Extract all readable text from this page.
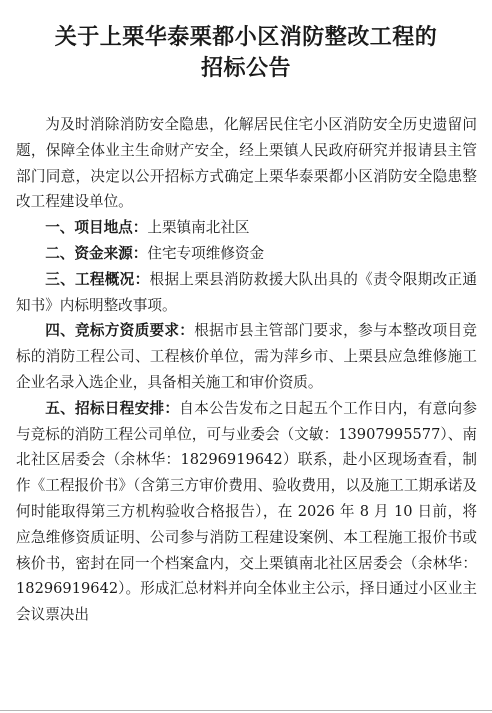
关于上栗华泰栗都小区消防整改工程的
招标公告

为及时消除消防安全隐患，化解居民住宅小区消防安全历史遗留问题，保障全体业主生命财产安全，经上栗镇人民政府研究并报请县主管部门同意，决定以公开招标方式确定上栗华泰栗都小区消防安全隐患整改工程建设单位。

一、项目地点：上栗镇南北社区

二、资金来源：住宅专项维修资金

三、工程概况：根据上栗县消防救援大队出具的《责令限期改正通知书》内标明整改事项。

四、竞标方资质要求：根据市县主管部门要求，参与本整改项目竞标的消防工程公司、工程核价单位，需为萍乡市、上栗县应急维修施工企业名录入选企业，具备相关施工和审价资质。

五、招标日程安排：自本公告发布之日起五个工作日内，有意向参与竞标的消防工程公司单位，可与业委会（文敏：13907995577）、南北社区居委会（余林华：18296919642）联系，赴小区现场查看，制作《工程报价书》（含第三方审价费用、验收费用，以及施工工期承诺及何时能取得第三方机构验收合格报告），在 2026 年 8 月 10 日前，将应急维修资质证明、公司参与消防工程建设案例、本工程施工报价书或核价书，密封在同一个档案盒内，交上栗镇南北社区居委会（余林华：18296919642）。形成汇总材料并向全体业主公示，择日通过小区业主会议票决出
